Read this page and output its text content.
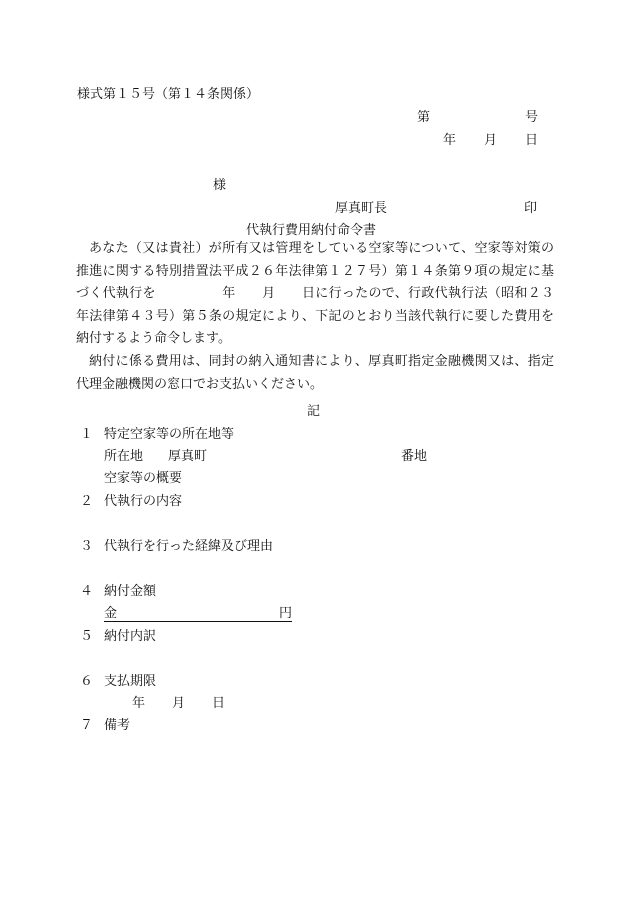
様式第１５号（第１４条関係）
第	号
年 月 日
様
厚真町長	印
代執行費用納付命令書

あなた（又は貴社）が所有又は管理をしている空家等について、空家等対策の推進に関する特別措置法平成２６年法律第１２７号）第１４条第９項の規定に基づく代執行を　　　　　年　　月　　日に行ったので、行政代執行法（昭和２３年法律第４３号）第５条の規定により、下記のとおり当該代執行に要した費用を納付するよう命令します。

納付に係る費用は、同封の納入通知書により、厚真町指定金融機関又は、指定代理金融機関の窓口でお支払いください。

記
１ 特定空家等の所在地等
所在地 厚真町	番地
空家等の概要
２ 代執行の内容
３ 代執行を行った経緯及び理由
４ 納付金額
金	円
５ 納付内訳
６ 支払期限
年 月 日
７ 備考
